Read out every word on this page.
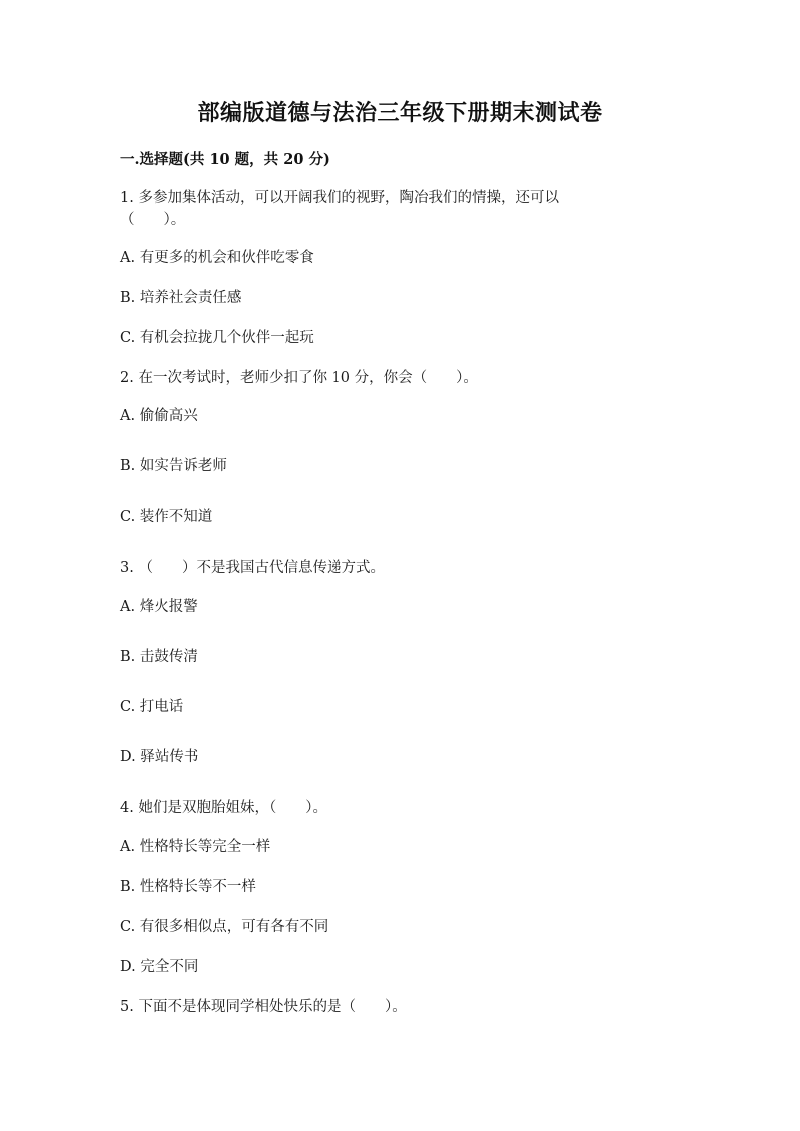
部编版道德与法治三年级下册期末测试卷
一.选择题(共 10 题，共 20 分)
1. 多参加集体活动，可以开阔我们的视野，陶冶我们的情操，还可以
（　　）。
A. 有更多的机会和伙伴吃零食
B. 培养社会责任感
C. 有机会拉拢几个伙伴一起玩
2. 在一次考试时，老师少扣了你 10 分，你会（　　）。
A. 偷偷高兴
B. 如实告诉老师
C. 装作不知道
3. （　　）不是我国古代信息传递方式。
A. 烽火报警
B. 击鼓传清
C. 打电话
D. 驿站传书
4. 她们是双胞胎姐妹，（　　）。
A. 性格特长等完全一样
B. 性格特长等不一样
C. 有很多相似点，可有各有不同
D. 完全不同
5. 下面不是体现同学相处快乐的是（　　）。
